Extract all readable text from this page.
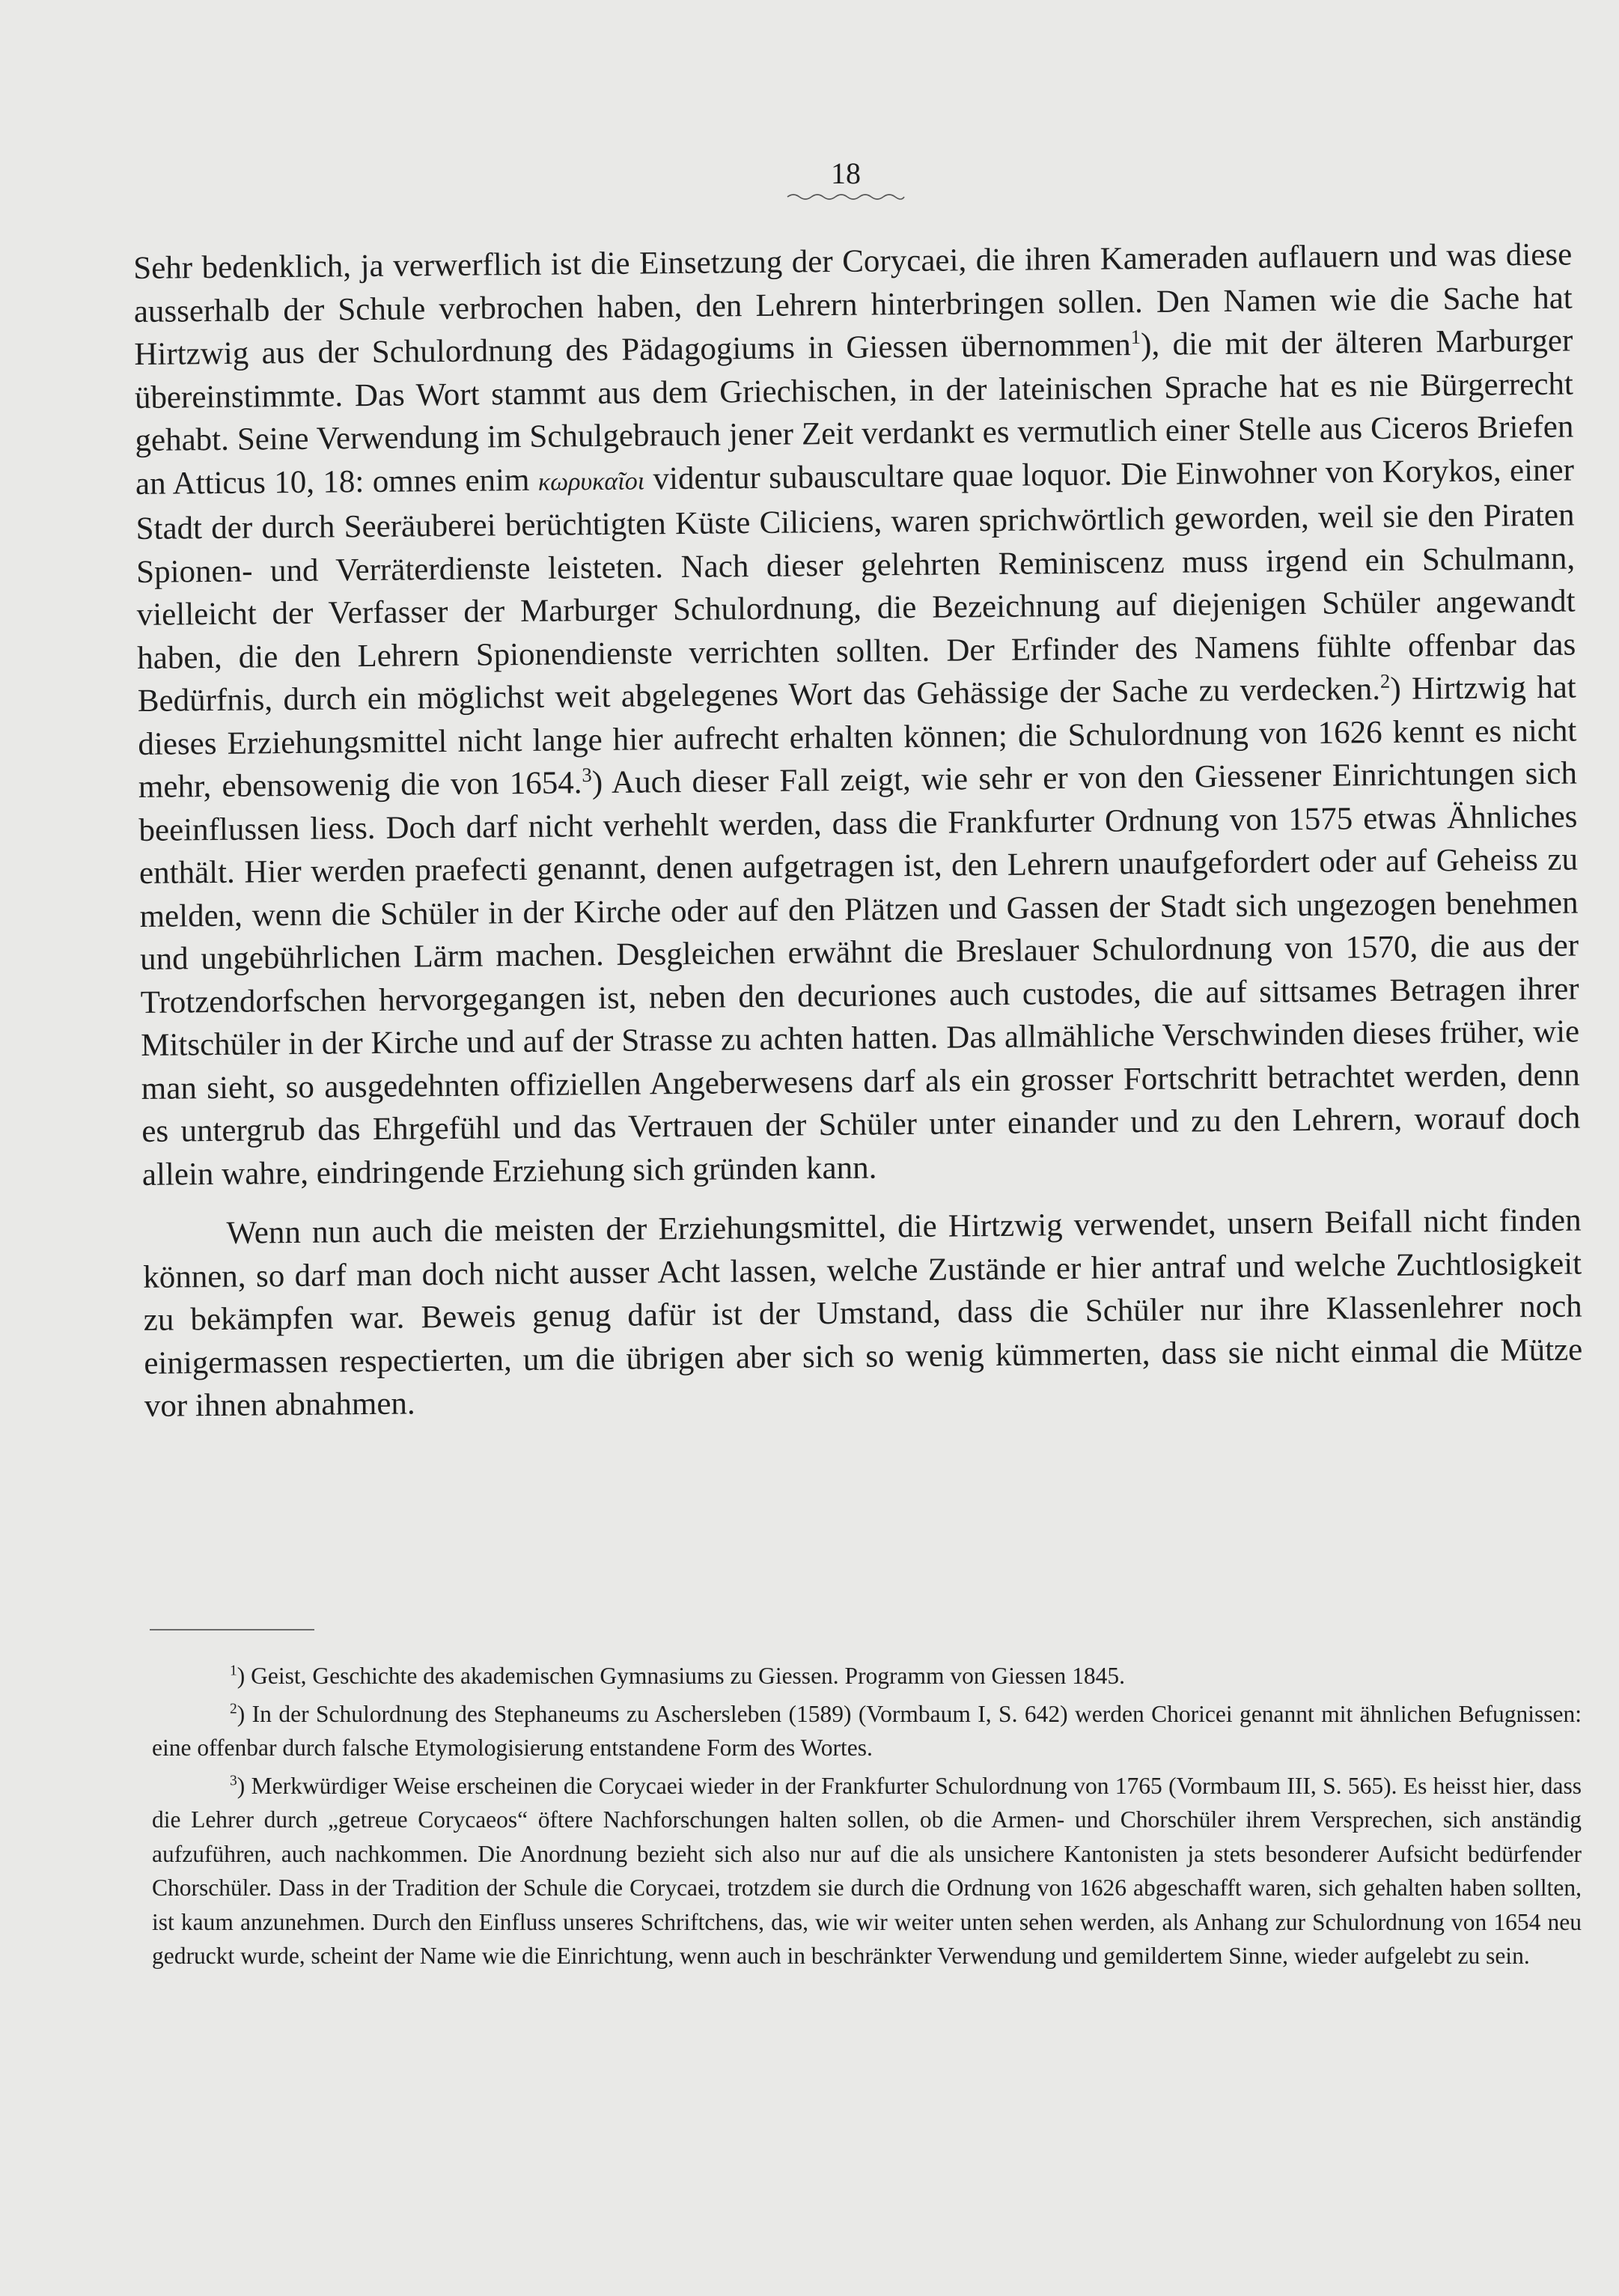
18

Sehr bedenklich, ja verwerflich ist die Einsetzung der Corycaei, die ihren Kameraden auflauern und was diese ausserhalb der Schule verbrochen haben, den Lehrern hinterbringen sollen. Den Namen wie die Sache hat Hirtzwig aus der Schulordnung des Pädagogiums in Giessen übernommen$^1$), die mit der älteren Marburger übereinstimmte. Das Wort stammt aus dem Griechischen, in der lateinischen Sprache hat es nie Bürgerrecht gehabt. Seine Verwendung im Schulgebrauch jener Zeit verdankt es vermutlich einer Stelle aus Ciceros Briefen an Atticus 10, 18: omnes enim κωρυκαῖοι videntur subauscultare quae loquor. Die Einwohner von Korykos, einer Stadt der durch Seeräuberei berüchtigten Küste Ciliciens, waren sprichwörtlich geworden, weil sie den Piraten Spionen- und Verräterdienste leisteten. Nach dieser gelehrten Reminiscenz muss irgend ein Schulmann, vielleicht der Verfasser der Marburger Schulordnung, die Bezeichnung auf diejenigen Schüler angewandt haben, die den Lehrern Spionendienste verrichten sollten. Der Erfinder des Namens fühlte offenbar das Bedürfnis, durch ein möglichst weit abgelegenes Wort das Gehässige der Sache zu verdecken.$^2$) Hirtzwig hat dieses Erziehungsmittel nicht lange hier aufrecht erhalten können; die Schulordnung von 1626 kennt es nicht mehr, ebensowenig die von 1654.$^3$) Auch dieser Fall zeigt, wie sehr er von den Giessener Einrichtungen sich beeinflussen liess. Doch darf nicht verhehlt werden, dass die Frankfurter Ordnung von 1575 etwas Ähnliches enthält. Hier werden praefecti genannt, denen aufgetragen ist, den Lehrern unaufgefordert oder auf Geheiss zu melden, wenn die Schüler in der Kirche oder auf den Plätzen und Gassen der Stadt sich ungezogen benehmen und ungebührlichen Lärm machen. Desgleichen erwähnt die Breslauer Schulordnung von 1570, die aus der Trotzendorfschen hervorgegangen ist, neben den decuriones auch custodes, die auf sittsames Betragen ihrer Mitschüler in der Kirche und auf der Strasse zu achten hatten. Das allmähliche Verschwinden dieses früher, wie man sieht, so ausgedehnten offiziellen Angeberwesens darf als ein grosser Fortschritt betrachtet werden, denn es untergrub das Ehrgefühl und das Vertrauen der Schüler unter einander und zu den Lehrern, worauf doch allein wahre, eindringende Erziehung sich gründen kann.

Wenn nun auch die meisten der Erziehungsmittel, die Hirtzwig verwendet, unsern Beifall nicht finden können, so darf man doch nicht ausser Acht lassen, welche Zustände er hier antraf und welche Zuchtlosigkeit zu bekämpfen war. Beweis genug dafür ist der Umstand, dass die Schüler nur ihre Klassenlehrer noch einigermassen respectierten, um die übrigen aber sich so wenig kümmerten, dass sie nicht einmal die Mütze vor ihnen abnahmen.

$^1$) Geist, Geschichte des akademischen Gymnasiums zu Giessen. Programm von Giessen 1845.

$^2$) In der Schulordnung des Stephaneums zu Aschersleben (1589) (Vormbaum I, S. 642) werden Choricei genannt mit ähnlichen Befugnissen: eine offenbar durch falsche Etymologisierung entstandene Form des Wortes.

$^3$) Merkwürdiger Weise erscheinen die Corycaei wieder in der Frankfurter Schulordnung von 1765 (Vormbaum III, S. 565). Es heisst hier, dass die Lehrer durch „getreue Corycaeos“ öftere Nachforschungen halten sollen, ob die Armen- und Chorschüler ihrem Versprechen, sich anständig aufzuführen, auch nachkommen. Die Anordnung bezieht sich also nur auf die als unsichere Kantonisten ja stets besonderer Aufsicht bedürfender Chorschüler. Dass in der Tradition der Schule die Corycaei, trotzdem sie durch die Ordnung von 1626 abgeschafft waren, sich gehalten haben sollten, ist kaum anzunehmen. Durch den Einfluss unseres Schriftchens, das, wie wir weiter unten sehen werden, als Anhang zur Schulordnung von 1654 neu gedruckt wurde, scheint der Name wie die Einrichtung, wenn auch in beschränkter Verwendung und gemildertem Sinne, wieder aufgelebt zu sein.
